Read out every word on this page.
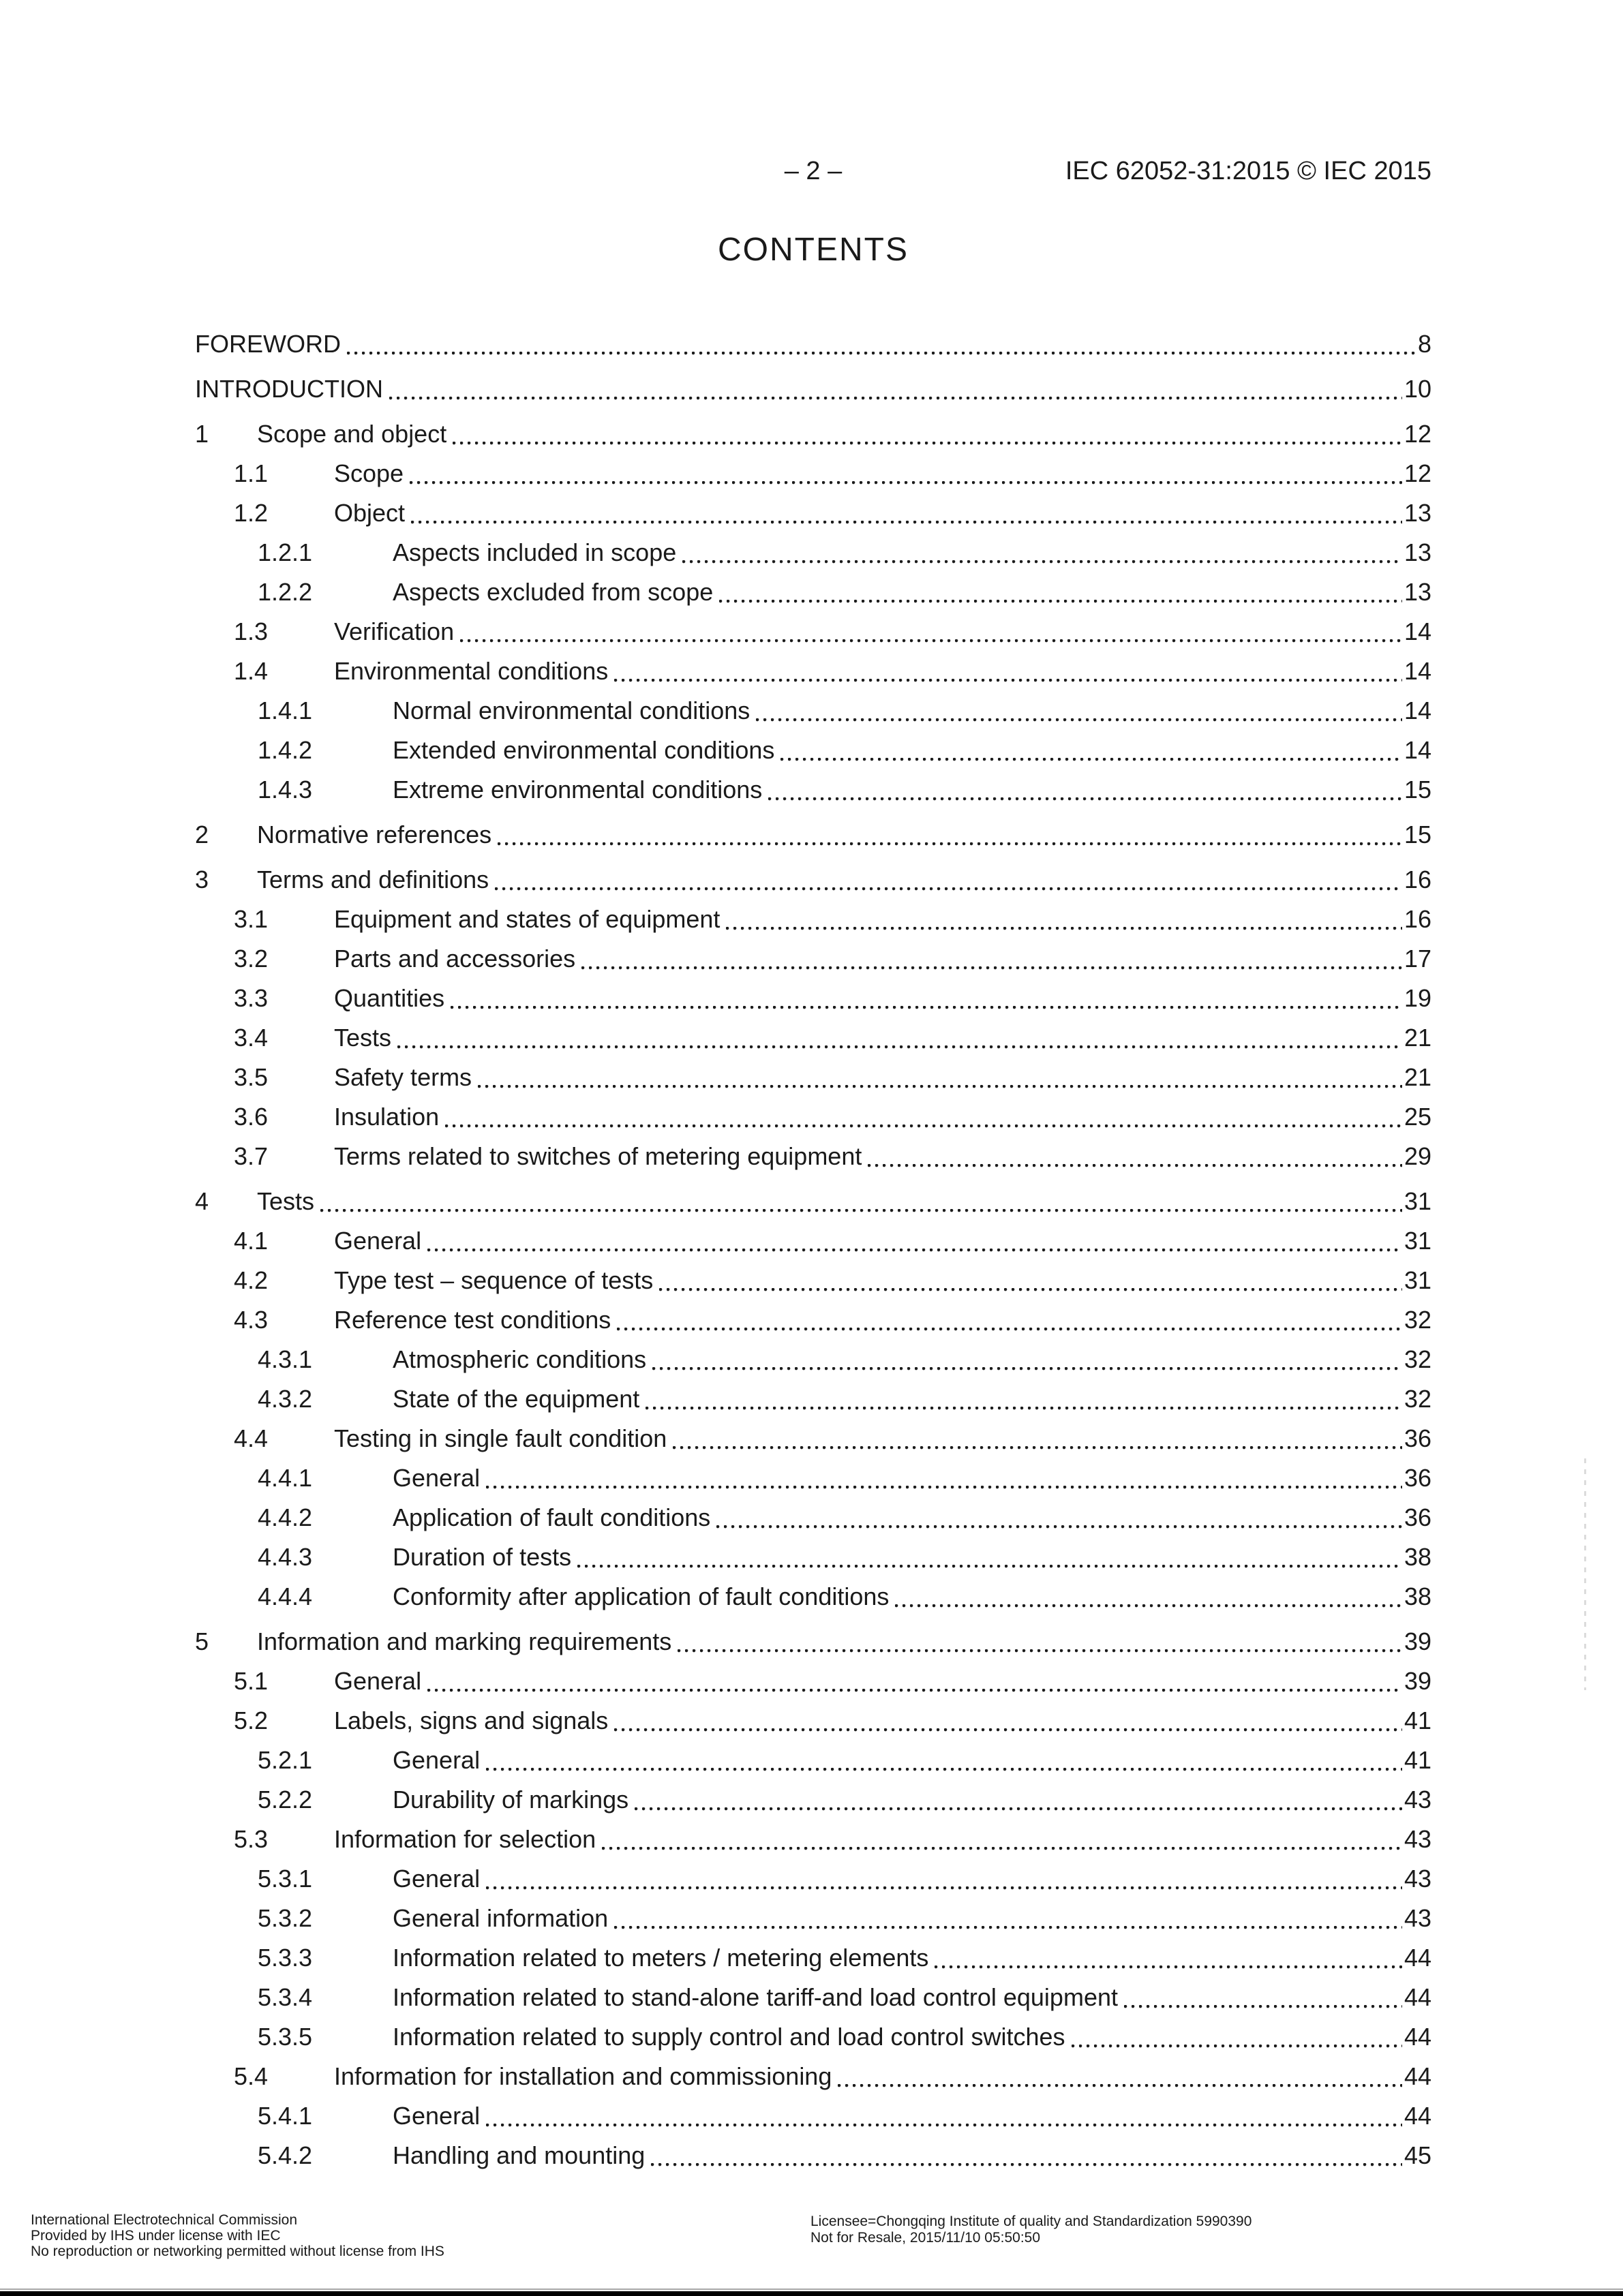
– 2 –	IEC 62052-31:2015 © IEC 2015
CONTENTS
FOREWORD	8
INTRODUCTION	10
1	Scope and object	12
1.1	Scope	12
1.2	Object	13
1.2.1	Aspects included in scope	13
1.2.2	Aspects excluded from scope	13
1.3	Verification	14
1.4	Environmental conditions	14
1.4.1	Normal environmental conditions	14
1.4.2	Extended environmental conditions	14
1.4.3	Extreme environmental conditions	15
2	Normative references	15
3	Terms and definitions	16
3.1	Equipment and states of equipment	16
3.2	Parts and accessories	17
3.3	Quantities	19
3.4	Tests	21
3.5	Safety terms	21
3.6	Insulation	25
3.7	Terms related to switches of metering equipment	29
4	Tests	31
4.1	General	31
4.2	Type test – sequence of tests	31
4.3	Reference test conditions	32
4.3.1	Atmospheric conditions	32
4.3.2	State of the equipment	32
4.4	Testing in single fault condition	36
4.4.1	General	36
4.4.2	Application of fault conditions	36
4.4.3	Duration of tests	38
4.4.4	Conformity after application of fault conditions	38
5	Information and marking requirements	39
5.1	General	39
5.2	Labels, signs and signals	41
5.2.1	General	41
5.2.2	Durability of markings	43
5.3	Information for selection	43
5.3.1	General	43
5.3.2	General information	43
5.3.3	Information related to meters / metering elements	44
5.3.4	Information related to stand-alone tariff-and load control equipment	44
5.3.5	Information related to supply control and load control switches	44
5.4	Information for installation and commissioning	44
5.4.1	General	44
5.4.2	Handling and mounting	45
International Electrotechnical Commission
Provided by IHS under license with IEC
No reproduction or networking permitted without license from IHS
Licensee=Chongqing Institute of quality and Standardization 5990390
Not for Resale, 2015/11/10 05:50:50
